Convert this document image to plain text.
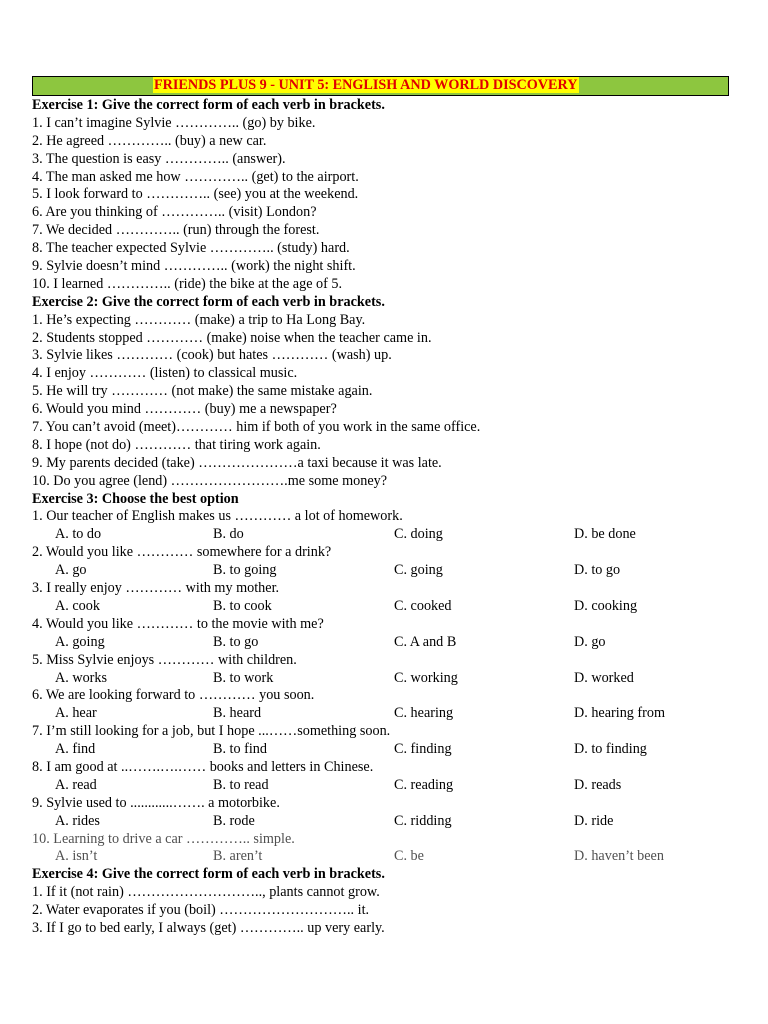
FRIENDS PLUS 9 - UNIT 5: ENGLISH AND WORLD DISCOVERY
Exercise 1: Give the correct form of each verb in brackets.
1. I can’t imagine Sylvie ………….. (go) by bike.
2. He agreed ………….. (buy) a new car.
3. The question is easy ………….. (answer).
4. The man asked me how ………….. (get) to the airport.
5. I look forward to ………….. (see) you at the weekend.
6. Are you thinking of ………….. (visit) London?
7. We decided ………….. (run) through the forest.
8. The teacher expected Sylvie ………….. (study) hard.
9. Sylvie doesn’t mind ………….. (work) the night shift.
10. I learned ………….. (ride) the bike at the age of 5.
Exercise 2: Give the correct form of each verb in brackets.
1. He’s expecting ………… (make) a trip to Ha Long Bay.
2. Students stopped ………… (make) noise when the teacher came in.
3. Sylvie likes ………… (cook) but hates ………… (wash) up.
4. I enjoy ………… (listen) to classical music.
5. He will try ………… (not make) the same mistake again.
6. Would you mind ………… (buy) me a newspaper?
7. You can’t avoid (meet)………… him if both of you work in the same office.
8. I hope (not do) ………… that tiring work again.
9. My parents decided (take) …………………a taxi because it was late.
10. Do you agree (lend) …………………….me some money?
Exercise 3: Choose the best option
1. Our teacher of English makes us ………… a lot of homework.
A. to do	B. do	C. doing	D. be done
2. Would you like ………… somewhere for a drink?
A. go	B. to going	C. going	D. to go
3. I really enjoy ………… with my mother.
A. cook	B. to cook	C. cooked	D. cooking
4. Would you like ………… to the movie with me?
A. going	B. to go	C. A and B	D. go
5. Miss Sylvie enjoys ………… with children.
A. works	B. to work	C. working	D. worked
6. We are looking forward to ………… you soon.
A. hear	B. heard	C. hearing	D. hearing from
7. I’m still looking for a job, but I hope ...……something soon.
A. find	B. to find	C. finding	D. to finding
8. I am good at ..…….….…… books and letters in Chinese.
A. read	B. to read	C. reading	D. reads
9. Sylvie used to ............……. a motorbike.
A. rides	B. rode	C. ridding	D. ride
10. Learning to drive a car ………….. simple.
A. isn’t	B. aren’t	C. be	D. haven’t been
Exercise 4: Give the correct form of each verb in brackets.
1. If it (not rain) ……………………….., plants cannot grow.
2. Water evaporates if you (boil) ……………………….. it.
3. If I go to bed early, I always (get) ………….. up very early.
